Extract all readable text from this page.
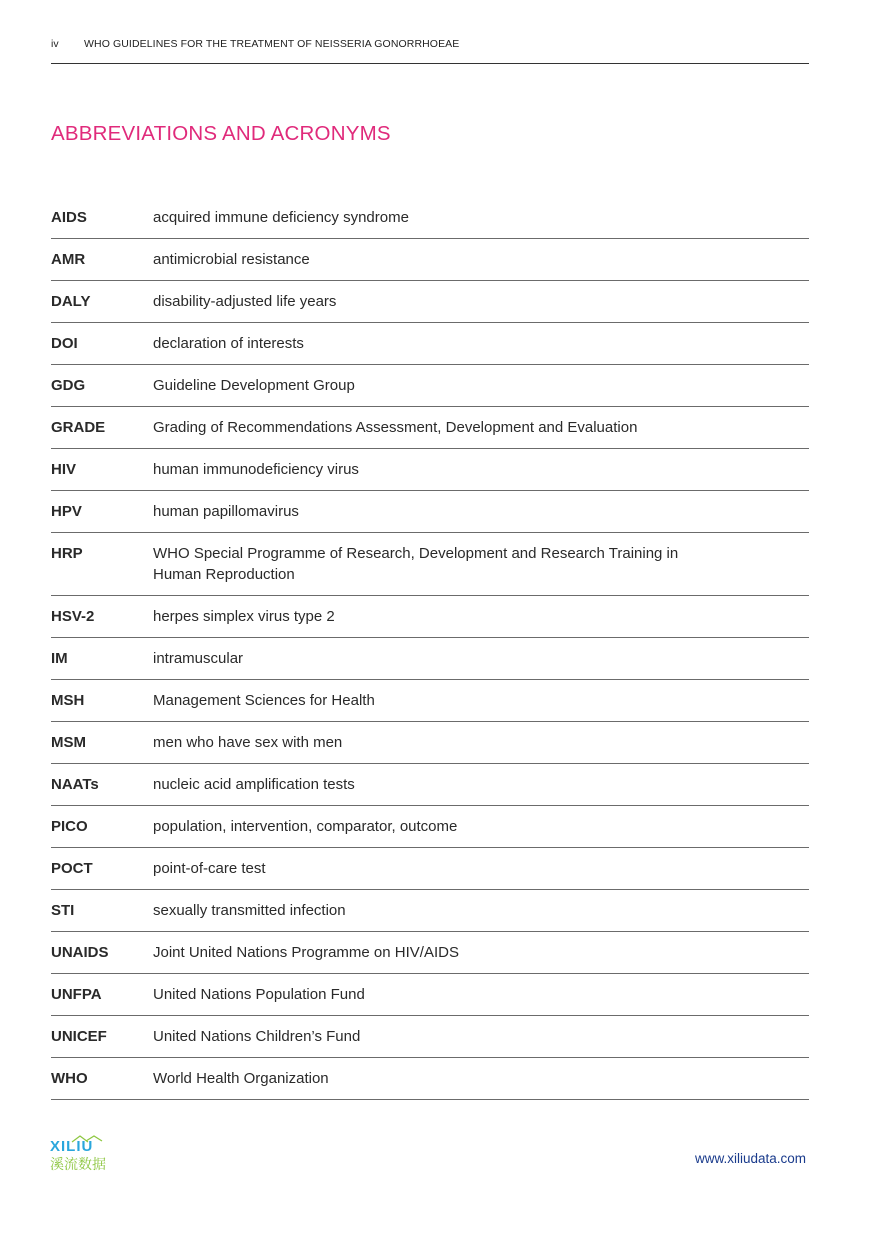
iv WHO GUIDELINES FOR THE TREATMENT OF NEISSERIA GONORRHOEAE
ABBREVIATIONS AND ACRONYMS
AIDS	acquired immune deficiency syndrome
AMR	antimicrobial resistance
DALY	disability-adjusted life years
DOI	declaration of interests
GDG	Guideline Development Group
GRADE	Grading of Recommendations Assessment, Development and Evaluation
HIV	human immunodeficiency virus
HPV	human papillomavirus
HRP	WHO Special Programme of Research, Development and Research Training in Human Reproduction
HSV-2	herpes simplex virus type 2
IM	intramuscular
MSH	Management Sciences for Health
MSM	men who have sex with men
NAATs	nucleic acid amplification tests
PICO	population, intervention, comparator, outcome
POCT	point-of-care test
STI	sexually transmitted infection
UNAIDS	Joint United Nations Programme on HIV/AIDS
UNFPA	United Nations Population Fund
UNICEF	United Nations Children’s Fund
WHO	World Health Organization
XILIU
溪流数据	www.xiliudata.com
